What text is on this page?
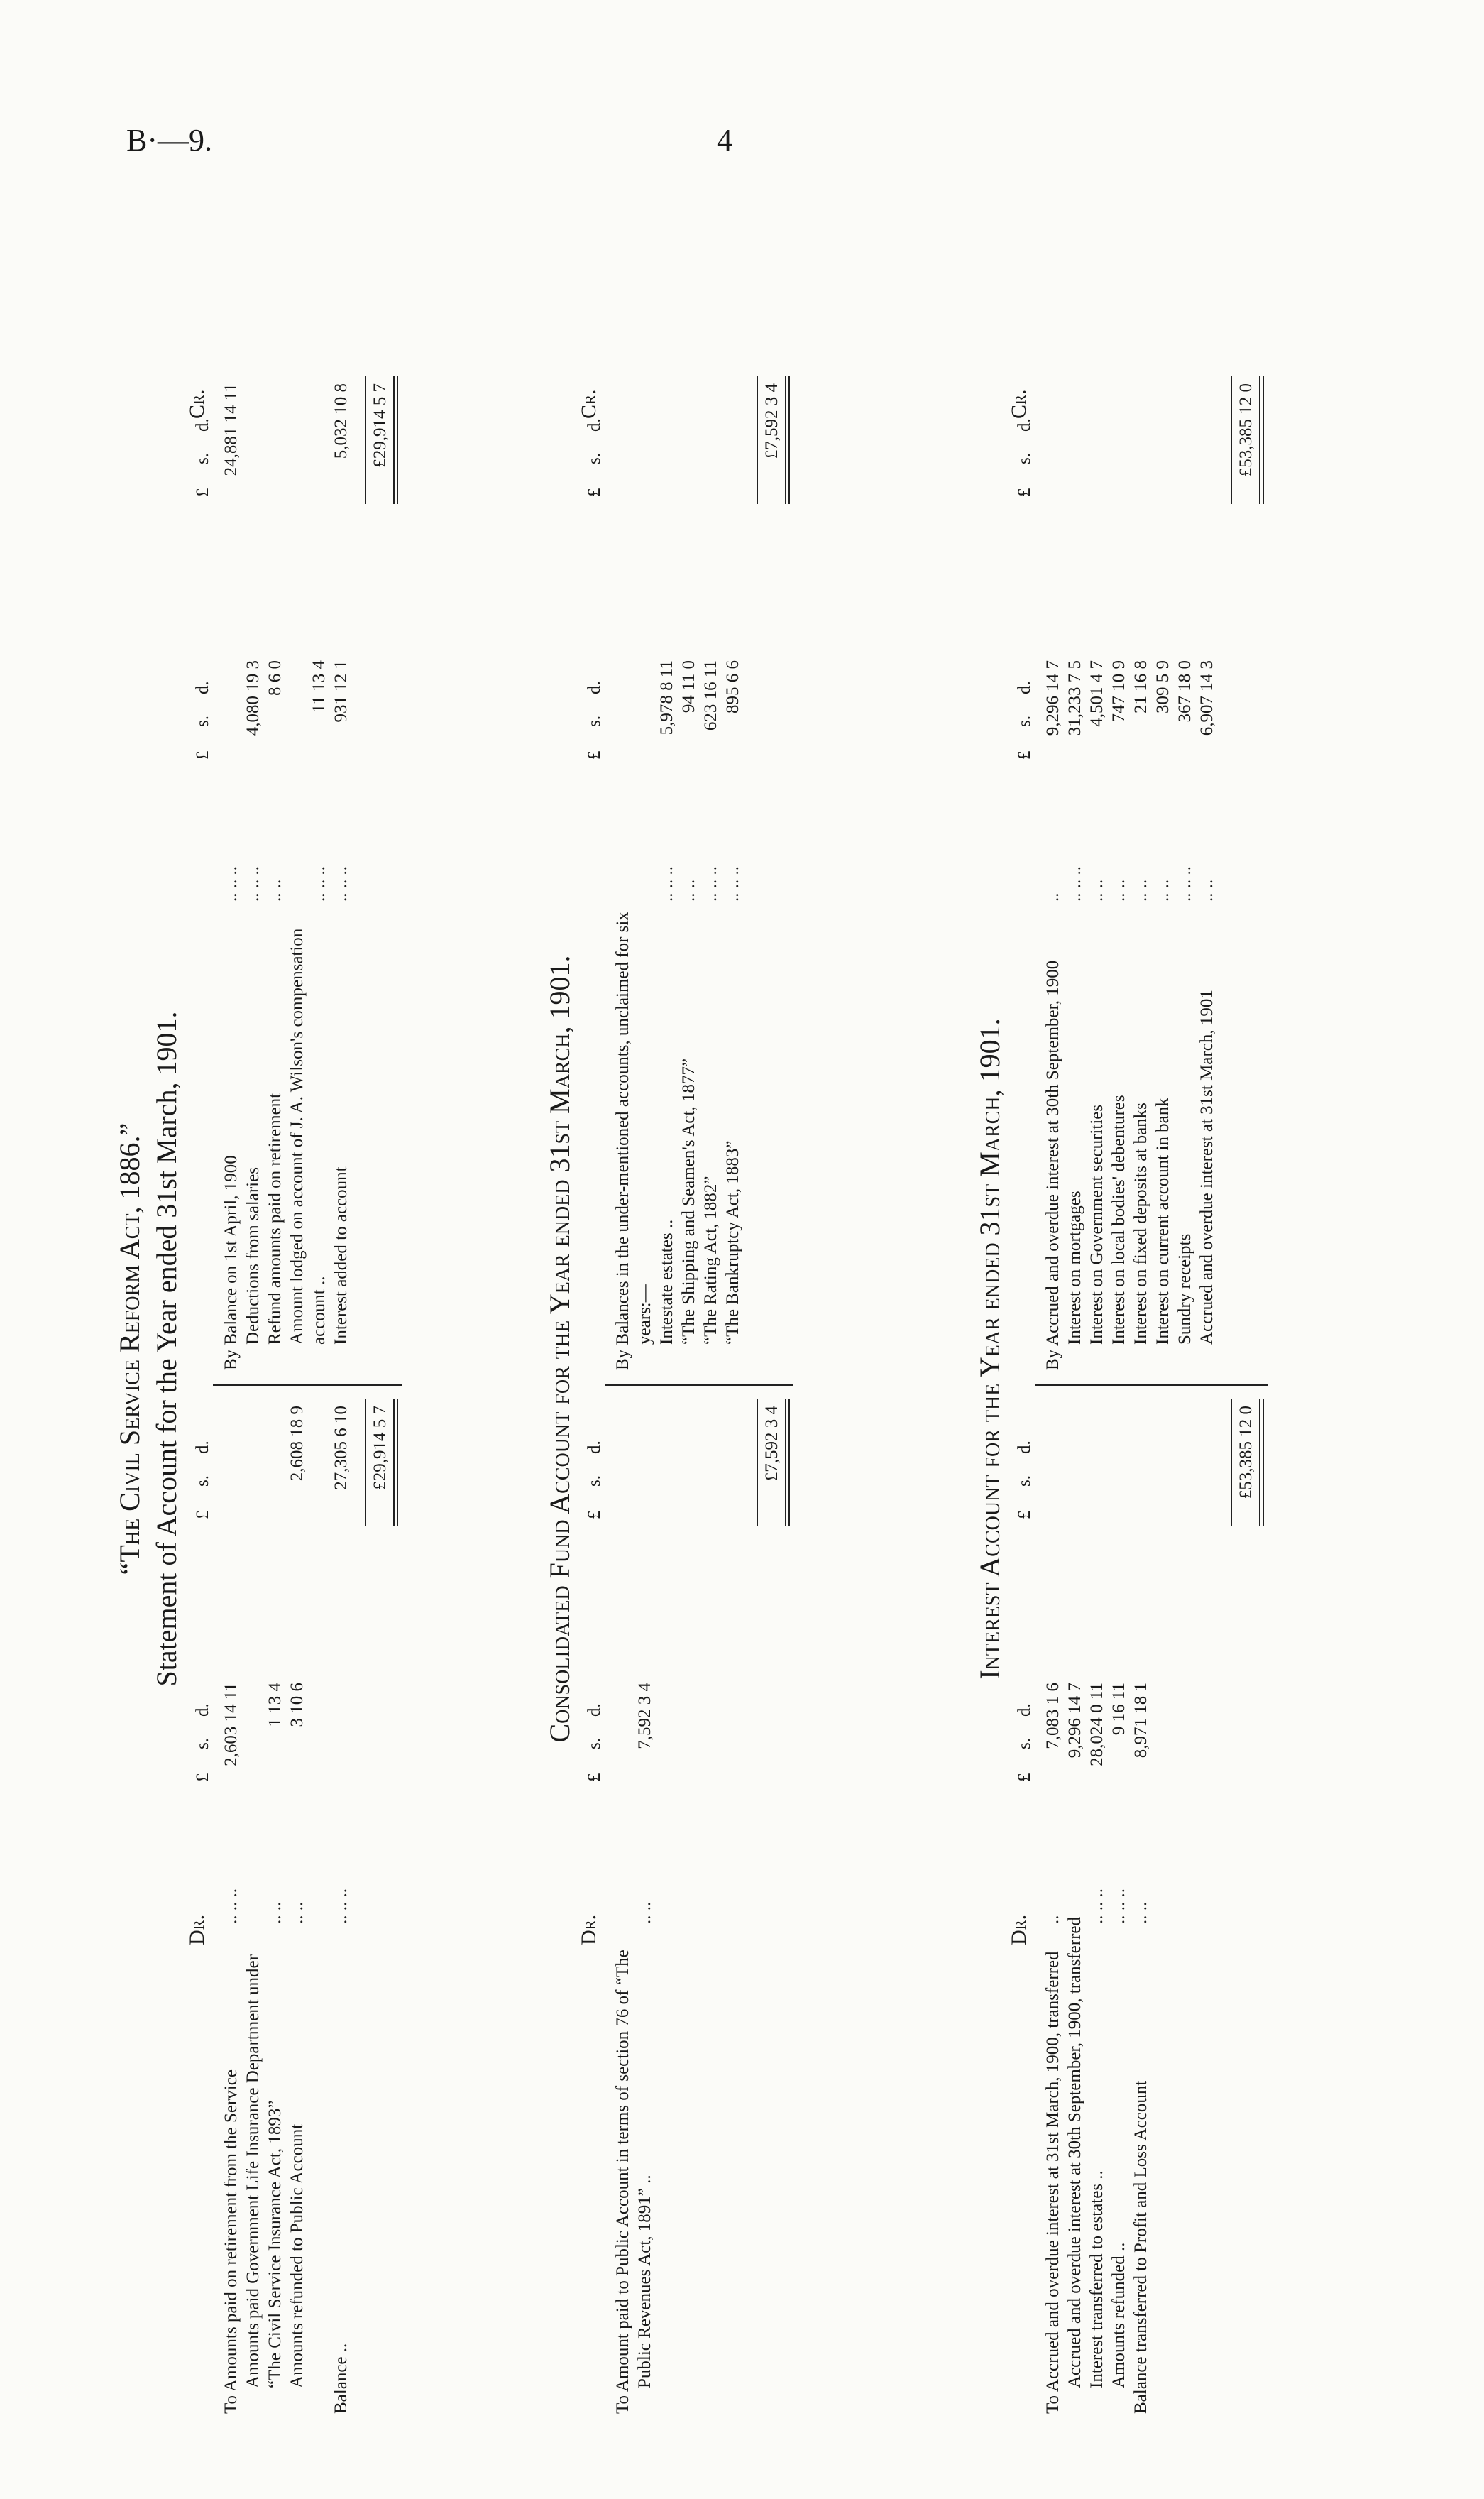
B·—9.	4
“The Civil Service Reform Act, 1886.” Statement of Account for the Year ended 31st March, 1901.
Dr.
Cr.
£
s.
d.
£
s.
d.
To Amounts paid on retirement from the Service
.. .. ..
2,603 14 11
Amounts paid Government Life Insurance Department under “The Civil Service Insurance Act, 1893”
.. ..
1 13 4
Amounts refunded to Public Account
.. ..
3 10 6
2,608 18 9
Balance ..
.. .. ..
27,305 6 10 £29,914 5 7
£
s.
d.
£
s.
d.
By Balance on 1st April, 1900
.. .. ..
24,881 14 11
Deductions from salaries
.. .. ..
4,080 19 3
Refund amounts paid on retirement
.. ..
8 6 0
Amount lodged on account of J. A. Wilson's compensation account ..
.. .. ..
11 13 4
Interest added to account
.. .. ..
931 12 1
5,032 10 8 £29,914 5 7
Consolidated Fund Account for the Year ended 31st March, 1901.
Dr.
Cr.
£
s.
d.
£
s.
d.
To Amount paid to Public Account in terms of section 76 of “The Public Revenues Act, 1891” ..
.. ..
7,592 3 4
£7,592 3 4
£
s.
d.
£
s.
d.
By Balances in the under-mentioned accounts, unclaimed for six years:— Intestate estates ..
.. .. ..
5,978 8 11
“The Shipping and Seamen's Act, 1877”
.. ..
94 11 0
“The Rating Act, 1882”
.. .. ..
623 16 11
“The Bankruptcy Act, 1883”
.. .. ..
895 6 6
£7,592 3 4
Interest Account for the Year ended 31st March, 1901.
Dr.
Cr.
£
s.
d.
£
s.
d.
To Accrued and overdue interest at 31st March, 1900, transferred
..
7,083 1 6
Accrued and overdue interest at 30th September, 1900, transferred
9,296 14 7
Interest transferred to estates ..
.. .. ..
28,024 0 11
Amounts refunded ..
.. .. ..
9 16 11
Balance transferred to Profit and Loss Account
.. ..
8,971 18 1
£53,385 12 0
£
s.
d.
£
s.
d.
By Accrued and overdue interest at 30th September, 1900
..
9,296 14 7
Interest on mortgages
.. .. ..
31,233 7 5
Interest on Government securities
.. ..
4,501 4 7
Interest on local bodies' debentures
.. ..
747 10 9
Interest on fixed deposits at banks
.. ..
21 16 8
Interest on current account in bank
.. ..
309 5 9
Sundry receipts
.. .. ..
367 18 0
Accrued and overdue interest at 31st March, 1901
.. ..
6,907 14 3
£53,385 12 0
